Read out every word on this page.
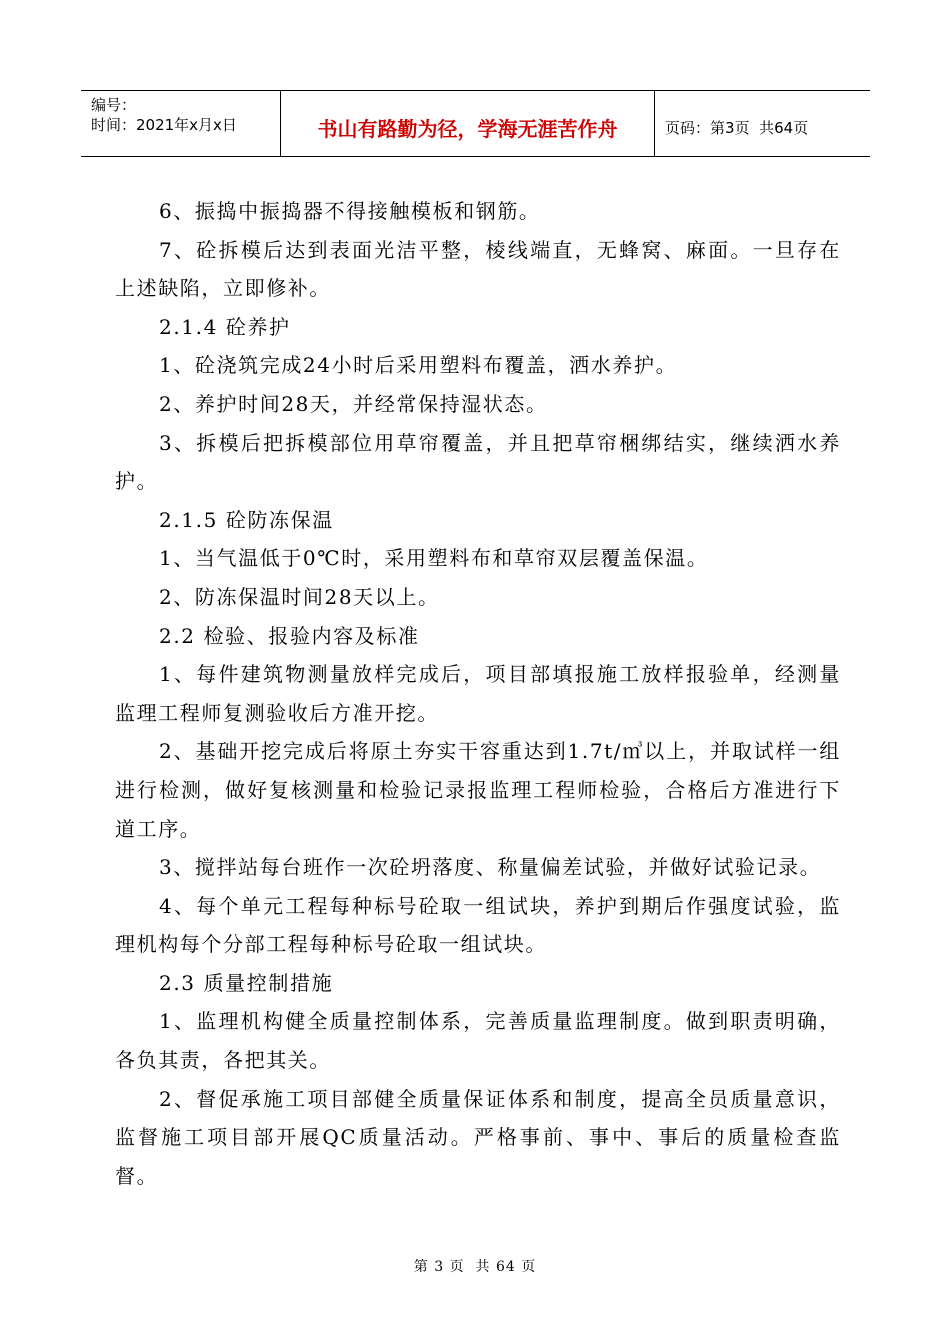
编号：
时间：2021年x月x日	书山有路勤为径，学海无涯苦作舟	页码：第 3 页  共 64 页

6、振捣中振捣器不得接触模板和钢筋。

7、砼拆模后达到表面光洁平整，棱线端直，无蜂窝、麻面。一旦存在上述缺陷，立即修补。

2.1.4 砼养护

1、砼浇筑完成24小时后采用塑料布覆盖，洒水养护。

2、养护时间28天，并经常保持湿状态。

3、拆模后把拆模部位用草帘覆盖，并且把草帘梱绑结实，继续洒水养护。

2.1.5 砼防冻保温

1、当气温低于0℃时，采用塑料布和草帘双层覆盖保温。

2、防冻保温时间28天以上。

2.2 检验、报验内容及标准

1、每件建筑物测量放样完成后，项目部填报施工放样报验单，经测量监理工程师复测验收后方准开挖。

2、基础开挖完成后将原土夯实干容重达到1.7t/㎥以上，并取试样一组进行检测，做好复核测量和检验记录报监理工程师检验，合格后方准进行下道工序。

3、搅拌站每台班作一次砼坍落度、称量偏差试验，并做好试验记录。

4、每个单元工程每种标号砼取一组试块，养护到期后作强度试验，监理机构每个分部工程每种标号砼取一组试块。

2.3 质量控制措施

1、监理机构健全质量控制体系，完善质量监理制度。做到职责明确，各负其责，各把其关。

2、督促承施工项目部健全质量保证体系和制度，提高全员质量意识，监督施工项目部开展QC质量活动。严格事前、事中、事后的质量检查监督。

第 3 页  共 64 页
